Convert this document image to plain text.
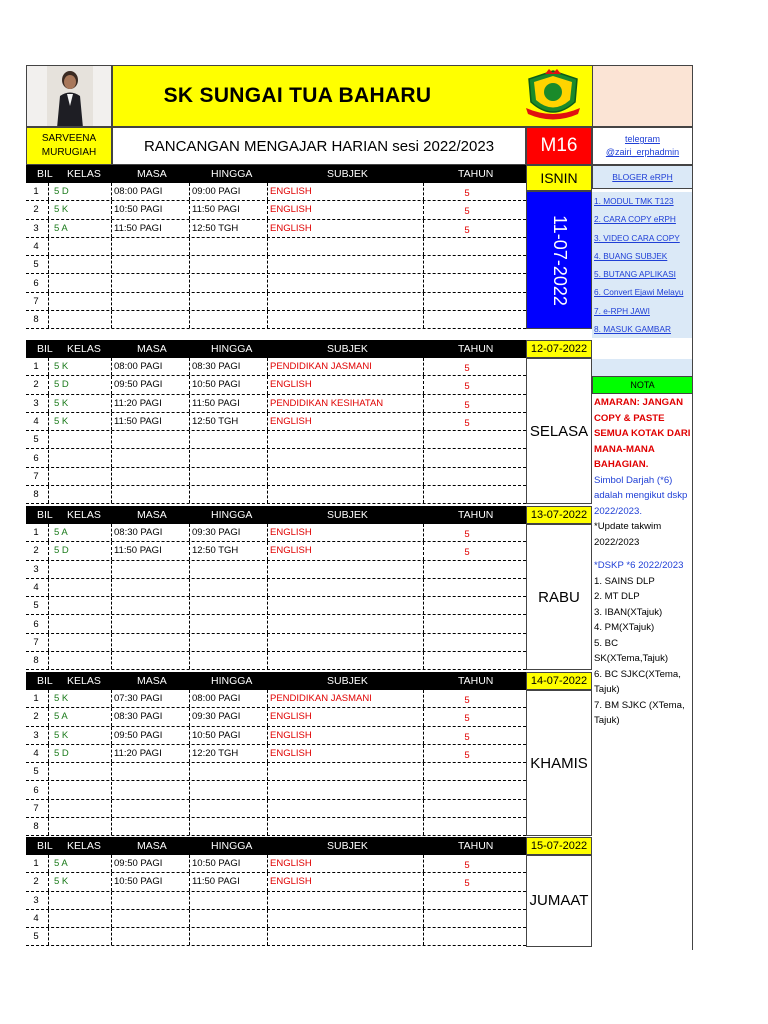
SK SUNGAI TUA BAHARU
SARVEENA
MURUGIAH	RANCANGAN MENGAJAR HARIAN sesi 2022/2023	M16	telegram
@zairi_erphadmin
BIL KELAS	MASA	HINGGA	SUBJEK	TAHUN
1 5 D	08:00 PAGI	09:00 PAGI	ENGLISH	5
2 5 K	10:50 PAGI	11:50 PAGI	ENGLISH	5
3 5 A	11:50 PAGI	12:50 TGH	ENGLISH	5
4
5
6
7
8
BIL KELAS	MASA	HINGGA	SUBJEK	TAHUN
1 5 K	08:00 PAGI	08:30 PAGI	PENDIDIKAN JASMANI	5
2 5 D	09:50 PAGI	10:50 PAGI	ENGLISH	5
3 5 K	11:20 PAGI	11:50 PAGI	PENDIDIKAN KESIHATAN	5
4 5 K	11:50 PAGI	12:50 TGH	ENGLISH	5
5
6
7
8
BIL KELAS	MASA	HINGGA	SUBJEK	TAHUN
1 5 A	08:30 PAGI	09:30 PAGI	ENGLISH	5
2 5 D	11:50 PAGI	12:50 TGH	ENGLISH	5
3
4
5
6
7
8
BIL KELAS	MASA	HINGGA	SUBJEK	TAHUN
1 5 K	07:30 PAGI	08:00 PAGI	PENDIDIKAN JASMANI	5
2 5 A	08:30 PAGI	09:30 PAGI	ENGLISH	5
3 5 K	09:50 PAGI	10:50 PAGI	ENGLISH	5
4 5 D	11:20 PAGI	12:20 TGH	ENGLISH	5
5
6
7
8
BIL KELAS	MASA	HINGGA	SUBJEK	TAHUN
1 5 A	09:50 PAGI	10:50 PAGI	ENGLISH	5
2 5 K	10:50 PAGI	11:50 PAGI	ENGLISH	5
3
4
5
BLOGER eRPH
1. MODUL TMK T123
2. CARA COPY eRPH
3. VIDEO CARA COPY
4. BUANG SUBJEK
5. BUTANG APLIKASI
6. Convert Ejawi Melayu
7. e-RPH JAWI
8. MASUK GAMBAR
NOTA
AMARAN: JANGAN
COPY & PASTE
SEMUA KOTAK DARI
MANA-MANA
BAHAGIAN.
Simbol Darjah (*6)
adalah mengikut dskp
2022/2023.
*Update takwim
2022/2023
*DSKP *6 2022/2023
1. SAINS DLP
2. MT DLP
3. IBAN(XTajuk)
4. PM(XTajuk)
5. BC SK(XTema,Tajuk)
6. BC SJKC(XTema,
Tajuk)
7. BM SJKC (XTema,
Tajuk)
ISNIN
11-07-2022
12-07-2022
SELASA
13-07-2022
RABU
14-07-2022
KHAMIS
15-07-2022
JUMAAT
